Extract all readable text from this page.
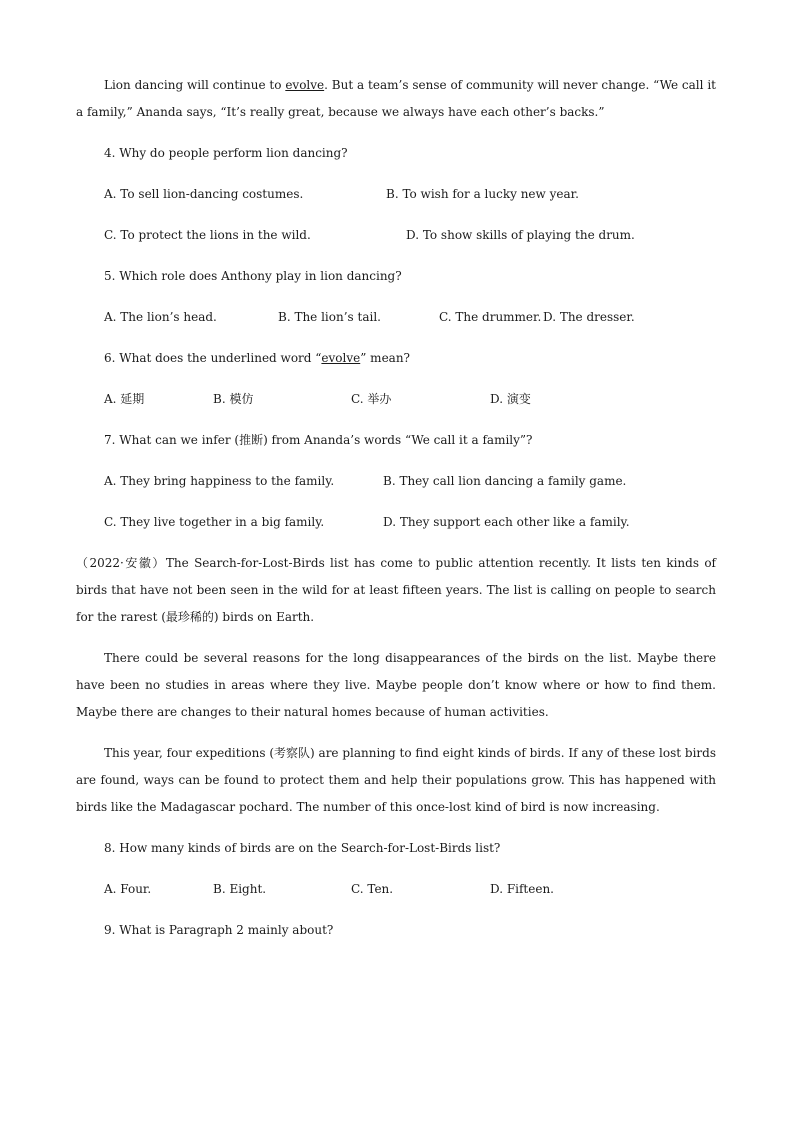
Lion dancing will continue to evolve. But a team’s sense of community will never change. “We call it a family,” Ananda says, “It’s really great, because we always have each other’s backs.”

4. Why do people perform lion dancing?

A. To sell lion-dancing costumes.	B. To wish for a lucky new year.

C. To protect the lions in the wild.	D. To show skills of playing the drum.

5. Which role does Anthony play in lion dancing?

A. The lion’s head.	B. The lion’s tail.	C. The drummer. D. The dresser.

6. What does the underlined word “evolve” mean?

A. 延期	B. 模仿	C. 举办	D. 演变

7. What can we infer (推断) from Ananda’s words “We call it a family”?

A. They bring happiness to the family.	B. They call lion dancing a family game.

C. They live together in a big family.	D. They support each other like a family.

（2022·安徽）The Search-for-Lost-Birds list has come to public attention recently. It lists ten kinds of birds that have not been seen in the wild for at least fifteen years. The list is calling on people to search for the rarest (最珍稀的) birds on Earth.

There could be several reasons for the long disappearances of the birds on the list. Maybe there have been no studies in areas where they live. Maybe people don’t know where or how to find them. Maybe there are changes to their natural homes because of human activities.

This year, four expeditions (考察队) are planning to find eight kinds of birds. If any of these lost birds are found, ways can be found to protect them and help their populations grow. This has happened with birds like the Madagascar pochard. The number of this once-lost kind of bird is now increasing.

8. How many kinds of birds are on the Search-for-Lost-Birds list?

A. Four.	B. Eight.	C. Ten.	D. Fifteen.

9. What is Paragraph 2 mainly about?
